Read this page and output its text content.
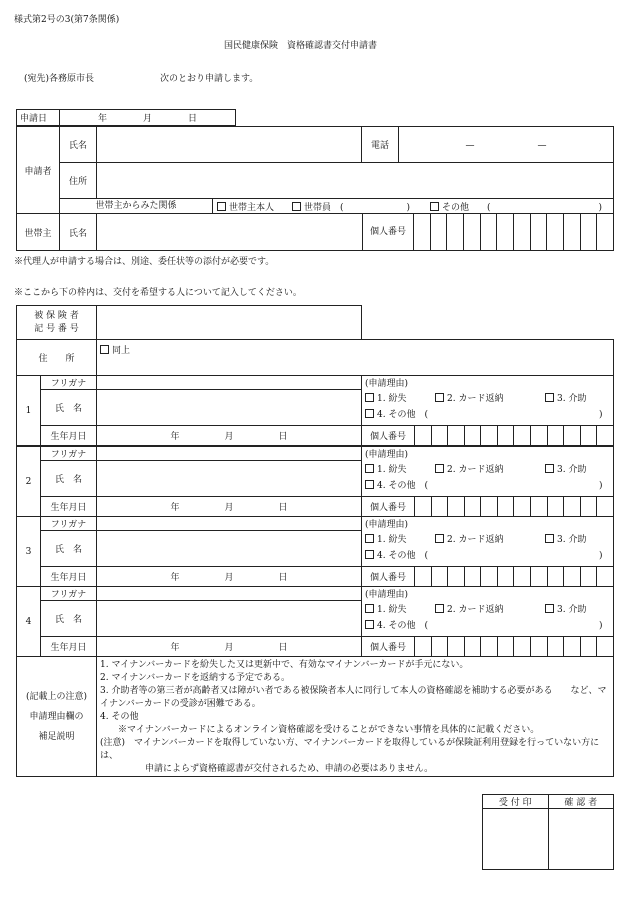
様式第2号の3(第7条関係)
国民健康保険　資格確認書交付申請書
(宛先)各務原市長	次のとおり申請します。
申請日	年　　　　月　　　　日
申請者	氏名		電話	—　　　　　　　—
	住所			

	世帯主からみた関係 世帯主本人 世帯員　(　　　　　　　) その他　　(　　　　　　　　　　　　)			

世帯主	氏名	個人番号		
※代理人が申請する場合は、別途、委任状等の添付が必要です。
※ここから下の枠内は、交付を希望する人について記入してください。
被 保 険 者
記 号 番 号		
住　　所	同上	
1	フリガナ		(申請理由)	
	氏　名		1. 紛失 2. カード返納 3. 介助
4. その他　(　　　　　　　　　　　　　　　　　　　)	

	生年月日	年　　　　　月　　　　　日	個人番号	
2	フリガナ		(申請理由)	
	氏　名		1. 紛失 2. カード返納 3. 介助
4. その他　(　　　　　　　　　　　　　　　　　　　)	

	生年月日	年　　　　　月　　　　　日	個人番号	
3	フリガナ		(申請理由)	
	氏　名		1. 紛失 2. カード返納 3. 介助
4. その他　(　　　　　　　　　　　　　　　　　　　)	

	生年月日	年　　　　　月　　　　　日	個人番号	
4	フリガナ		(申請理由)	
	氏　名		1. 紛失 2. カード返納 3. 介助
4. その他　(　　　　　　　　　　　　　　　　　　　)	

	生年月日	年　　　　　月　　　　　日	個人番号	
(記載上の注意)
申請理由欄の
補足説明	
1. マイナンバーカードを紛失した又は更新中で、有効なマイナンバーカードが手元にない。
2. マイナンバーカードを返納する予定である。
3. 介助者等の第三者が高齢者又は障がい者である被保険者本人に同行して本人の資格確認を補助する必要がある　　など、マイナンバーカードの受診が困難である。
4. その他
　　※マイナンバーカードによるオンライン資格確認を受けることができない事情を具体的に記載ください。
(注意)　マイナンバーカードを取得していない方、マイナンバーカードを取得しているが保険証利用登録を行っていない方には、
　　　　　申請によらず資格確認書が交付されるため、申請の必要はありません。
受 付 印	確 認 者
